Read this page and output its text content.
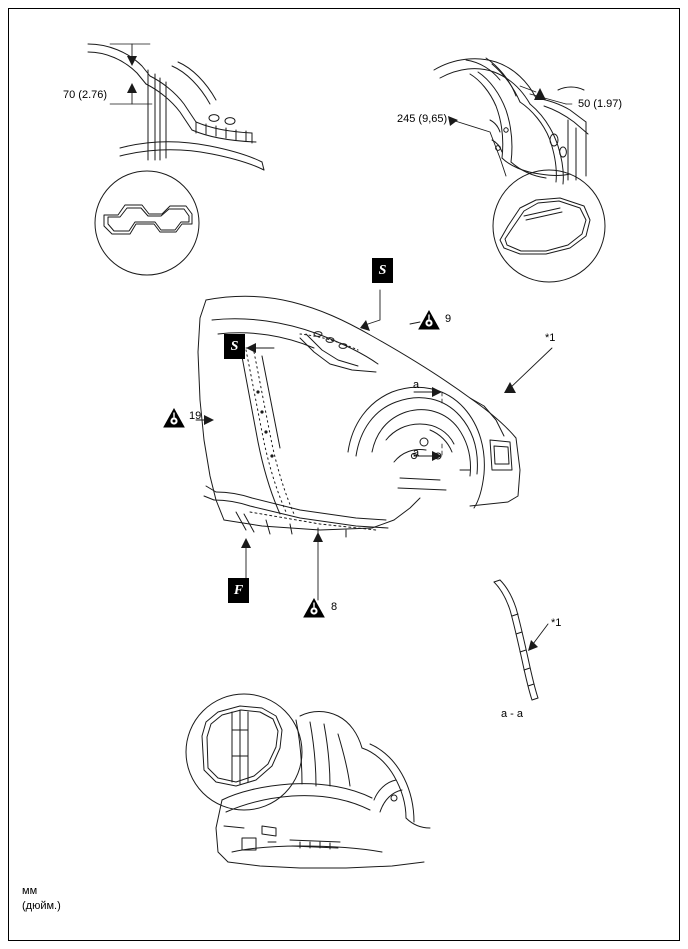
70 (2.76)
245 (9,65)
50 (1.97)
9
19
8
*1
*1
a
a
a - a
S
S
F
мм
(дюйм.)
